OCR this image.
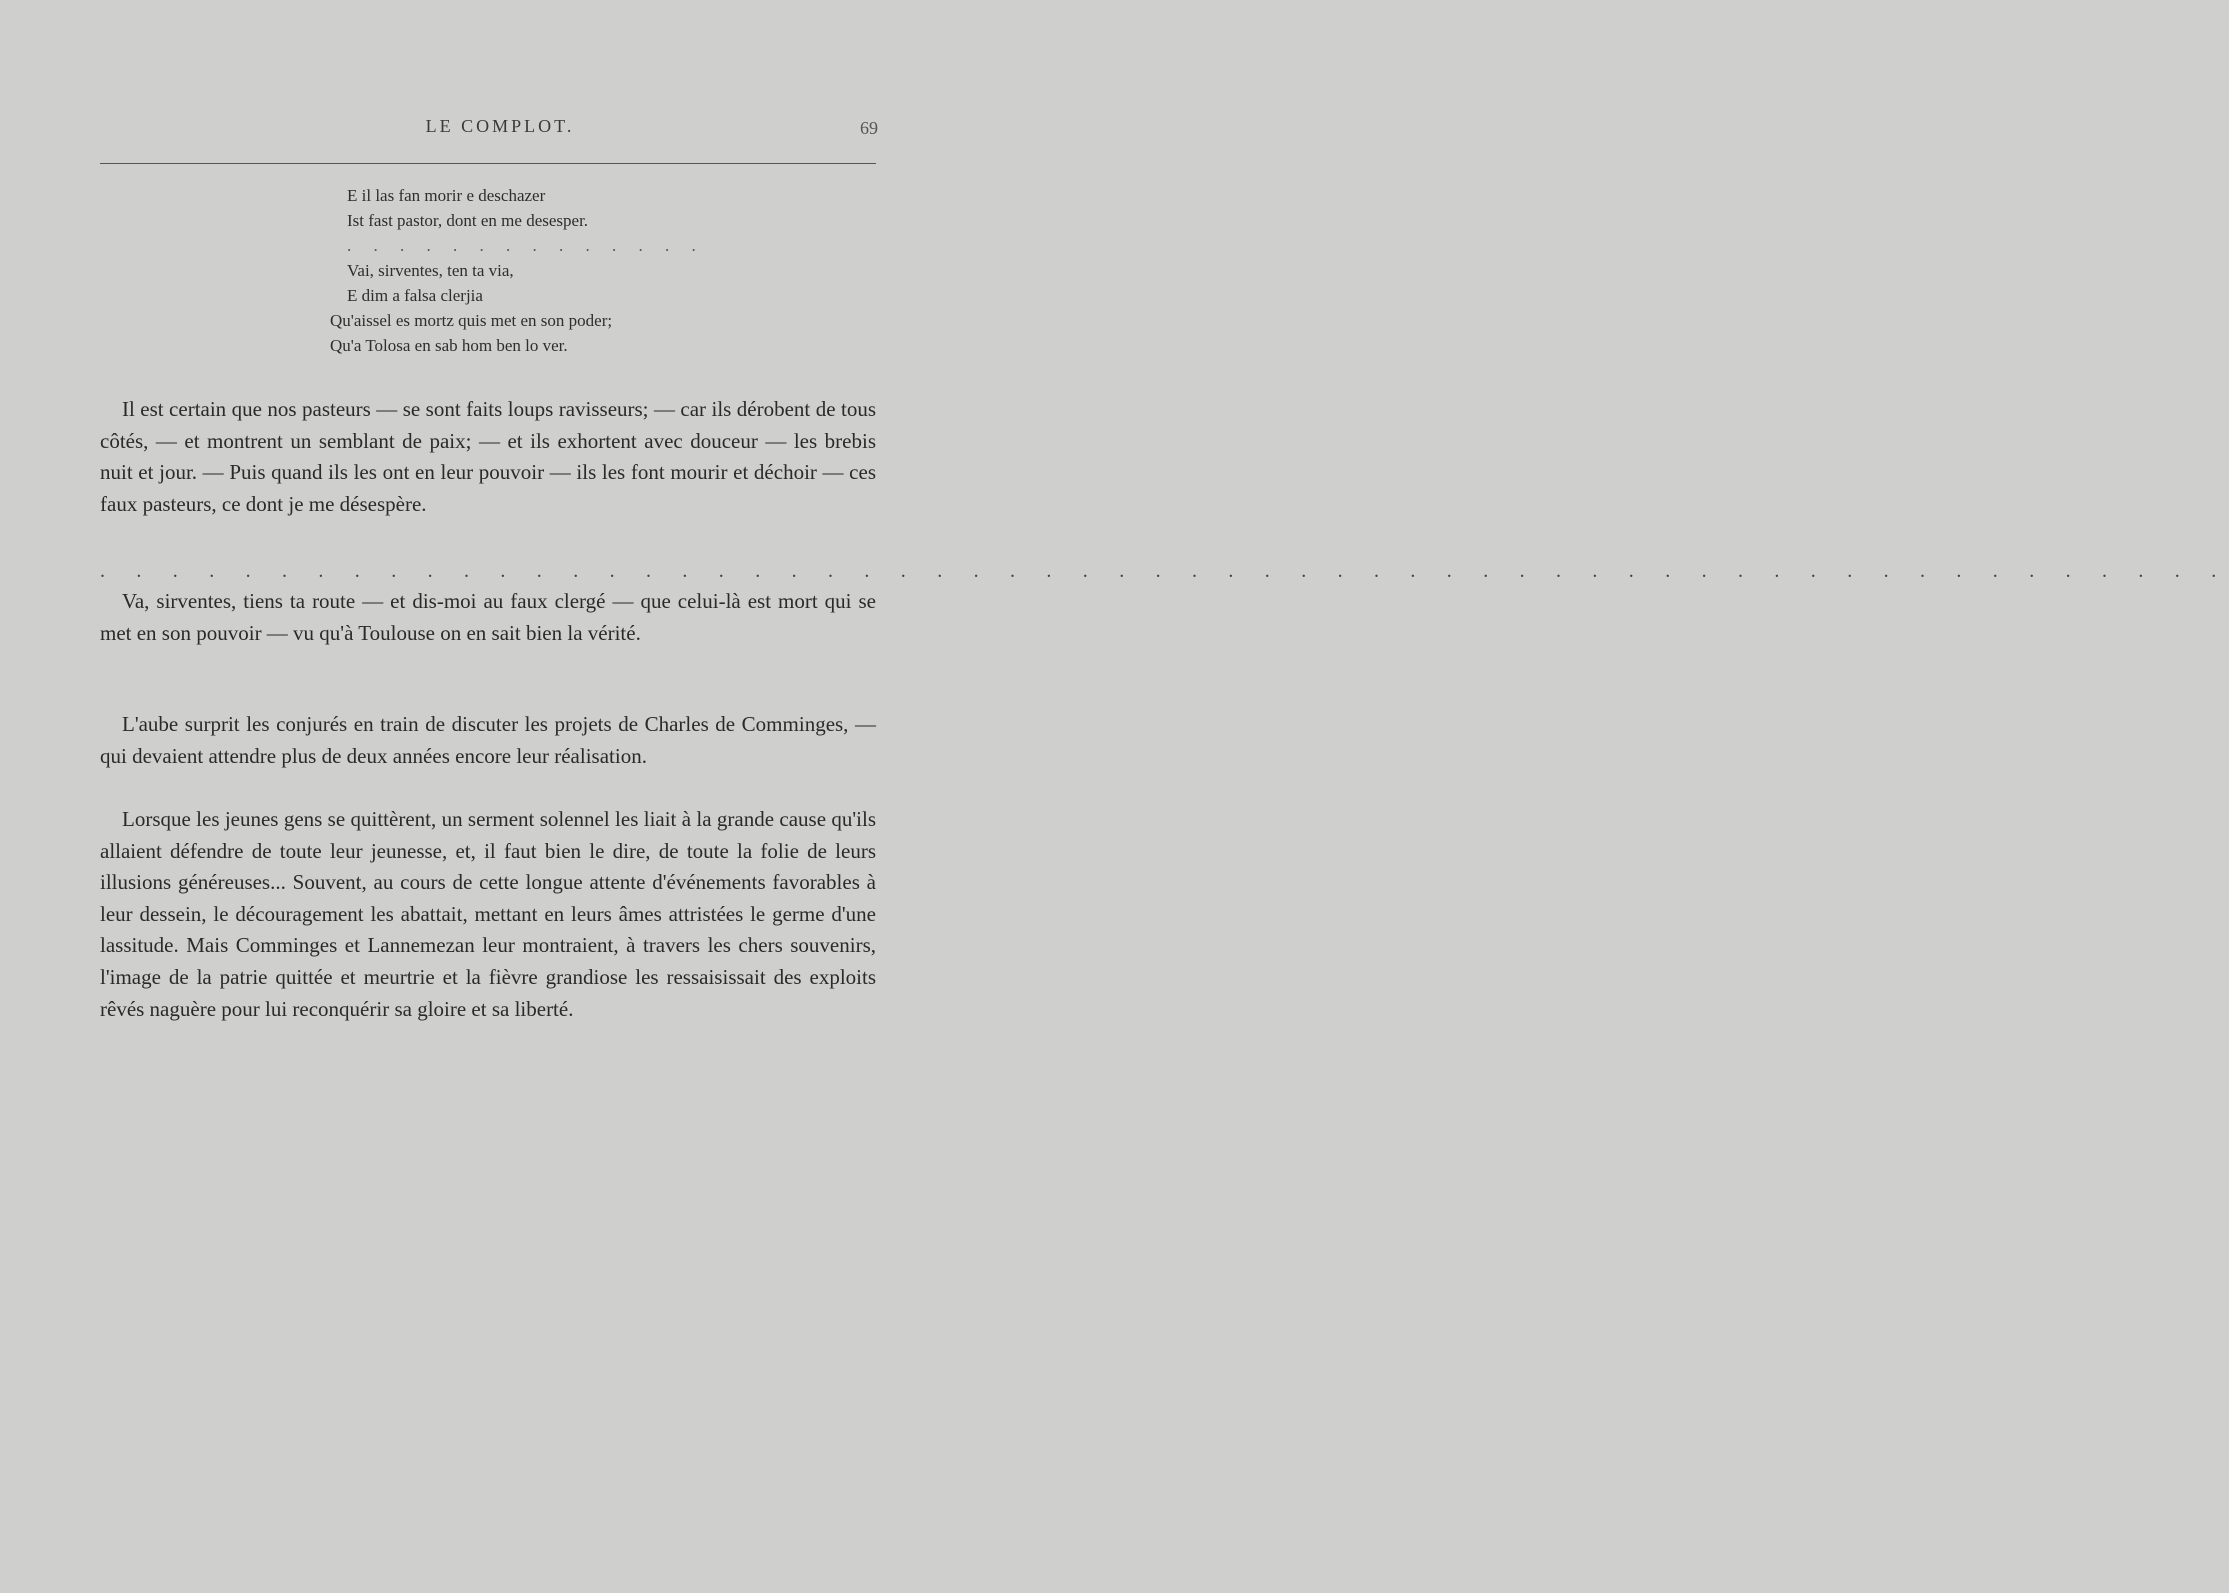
LE COMPLOT.	69
E il las fan morir e deschazer
Ist fast pastor, dont en me desesper.
. . . . . . . . . . . . . .
Vai, sirventes, ten ta via,
E dim a falsa clerjia
Qu'aissel es mortz quis met en son poder;
Qu'a Tolosa en sab hom ben lo ver.

Il est certain que nos pasteurs — se sont faits loups ravisseurs; — car ils dérobent de tous côtés, — et montrent un semblant de paix; — et ils exhortent avec douceur — les brebis nuit et jour. — Puis quand ils les ont en leur pouvoir — ils les font mourir et déchoir — ces faux pasteurs, ce dont je me désespère.

. . . . . . . . . . . . . . . . . . . . . . . . . . . . . . . . . . . . . . . . . . . . . . . . . . . . . . . . . . .

Va, sirventes, tiens ta route — et dis-moi au faux clergé — que celui-là est mort qui se met en son pouvoir — vu qu'à Toulouse on en sait bien la vérité.

L'aube surprit les conjurés en train de discuter les projets de Charles de Comminges, — qui devaient attendre plus de deux années encore leur réalisation.

Lorsque les jeunes gens se quittèrent, un serment solennel les liait à la grande cause qu'ils allaient défendre de toute leur jeunesse, et, il faut bien le dire, de toute la folie de leurs illusions généreuses... Souvent, au cours de cette longue attente d'événements favorables à leur dessein, le découragement les abattait, mettant en leurs âmes attristées le germe d'une lassitude. Mais Comminges et Lannemezan leur montraient, à travers les chers souvenirs, l'image de la patrie quittée et meurtrie et la fièvre grandiose les ressaisissait des exploits rêvés naguère pour lui reconquérir sa gloire et sa liberté.
